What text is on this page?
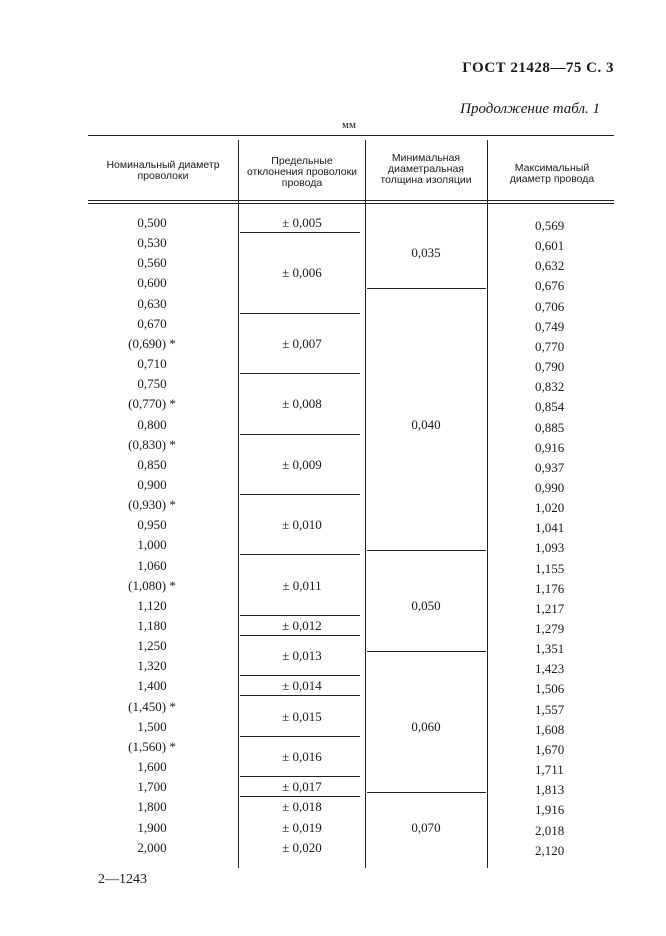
ГОСТ 21428—75 С. 3
Продолжение табл. 1
мм
Номинальный диаметр проволоки
Предельные отклонения проволоки провода
Минимальная диаметральная толщина изоляции
Максимальный диаметр провода
0,500
0,530
0,560
0,600
0,630
0,670
(0,690) *
0,710
0,750
(0,770) *
0,800
(0,830) *
0,850
0,900
(0,930) *
0,950
1,000
1,060
(1,080) *
1,120
1,180
1,250
1,320
1,400
(1,450) *
1,500
(1,560) *
1,600
1,700
1,800
1,900
2,000
0,569
0,601
0,632
0,676
0,706
0,749
0,770
0,790
0,832
0,854
0,885
0,916
0,937
0,990
1,020
1,041
1,093
1,155
1,176
1,217
1,279
1,351
1,423
1,506
1,557
1,608
1,670
1,711
1,813
1,916
2,018
2,120
± 0,005
± 0,006
± 0,007
± 0,008
± 0,009
± 0,010
± 0,011
± 0,012
± 0,013
± 0,014
± 0,015
± 0,016
± 0,017
± 0,018
± 0,019
± 0,020
0,035
0,040
0,050
0,060
0,070
2—1243
